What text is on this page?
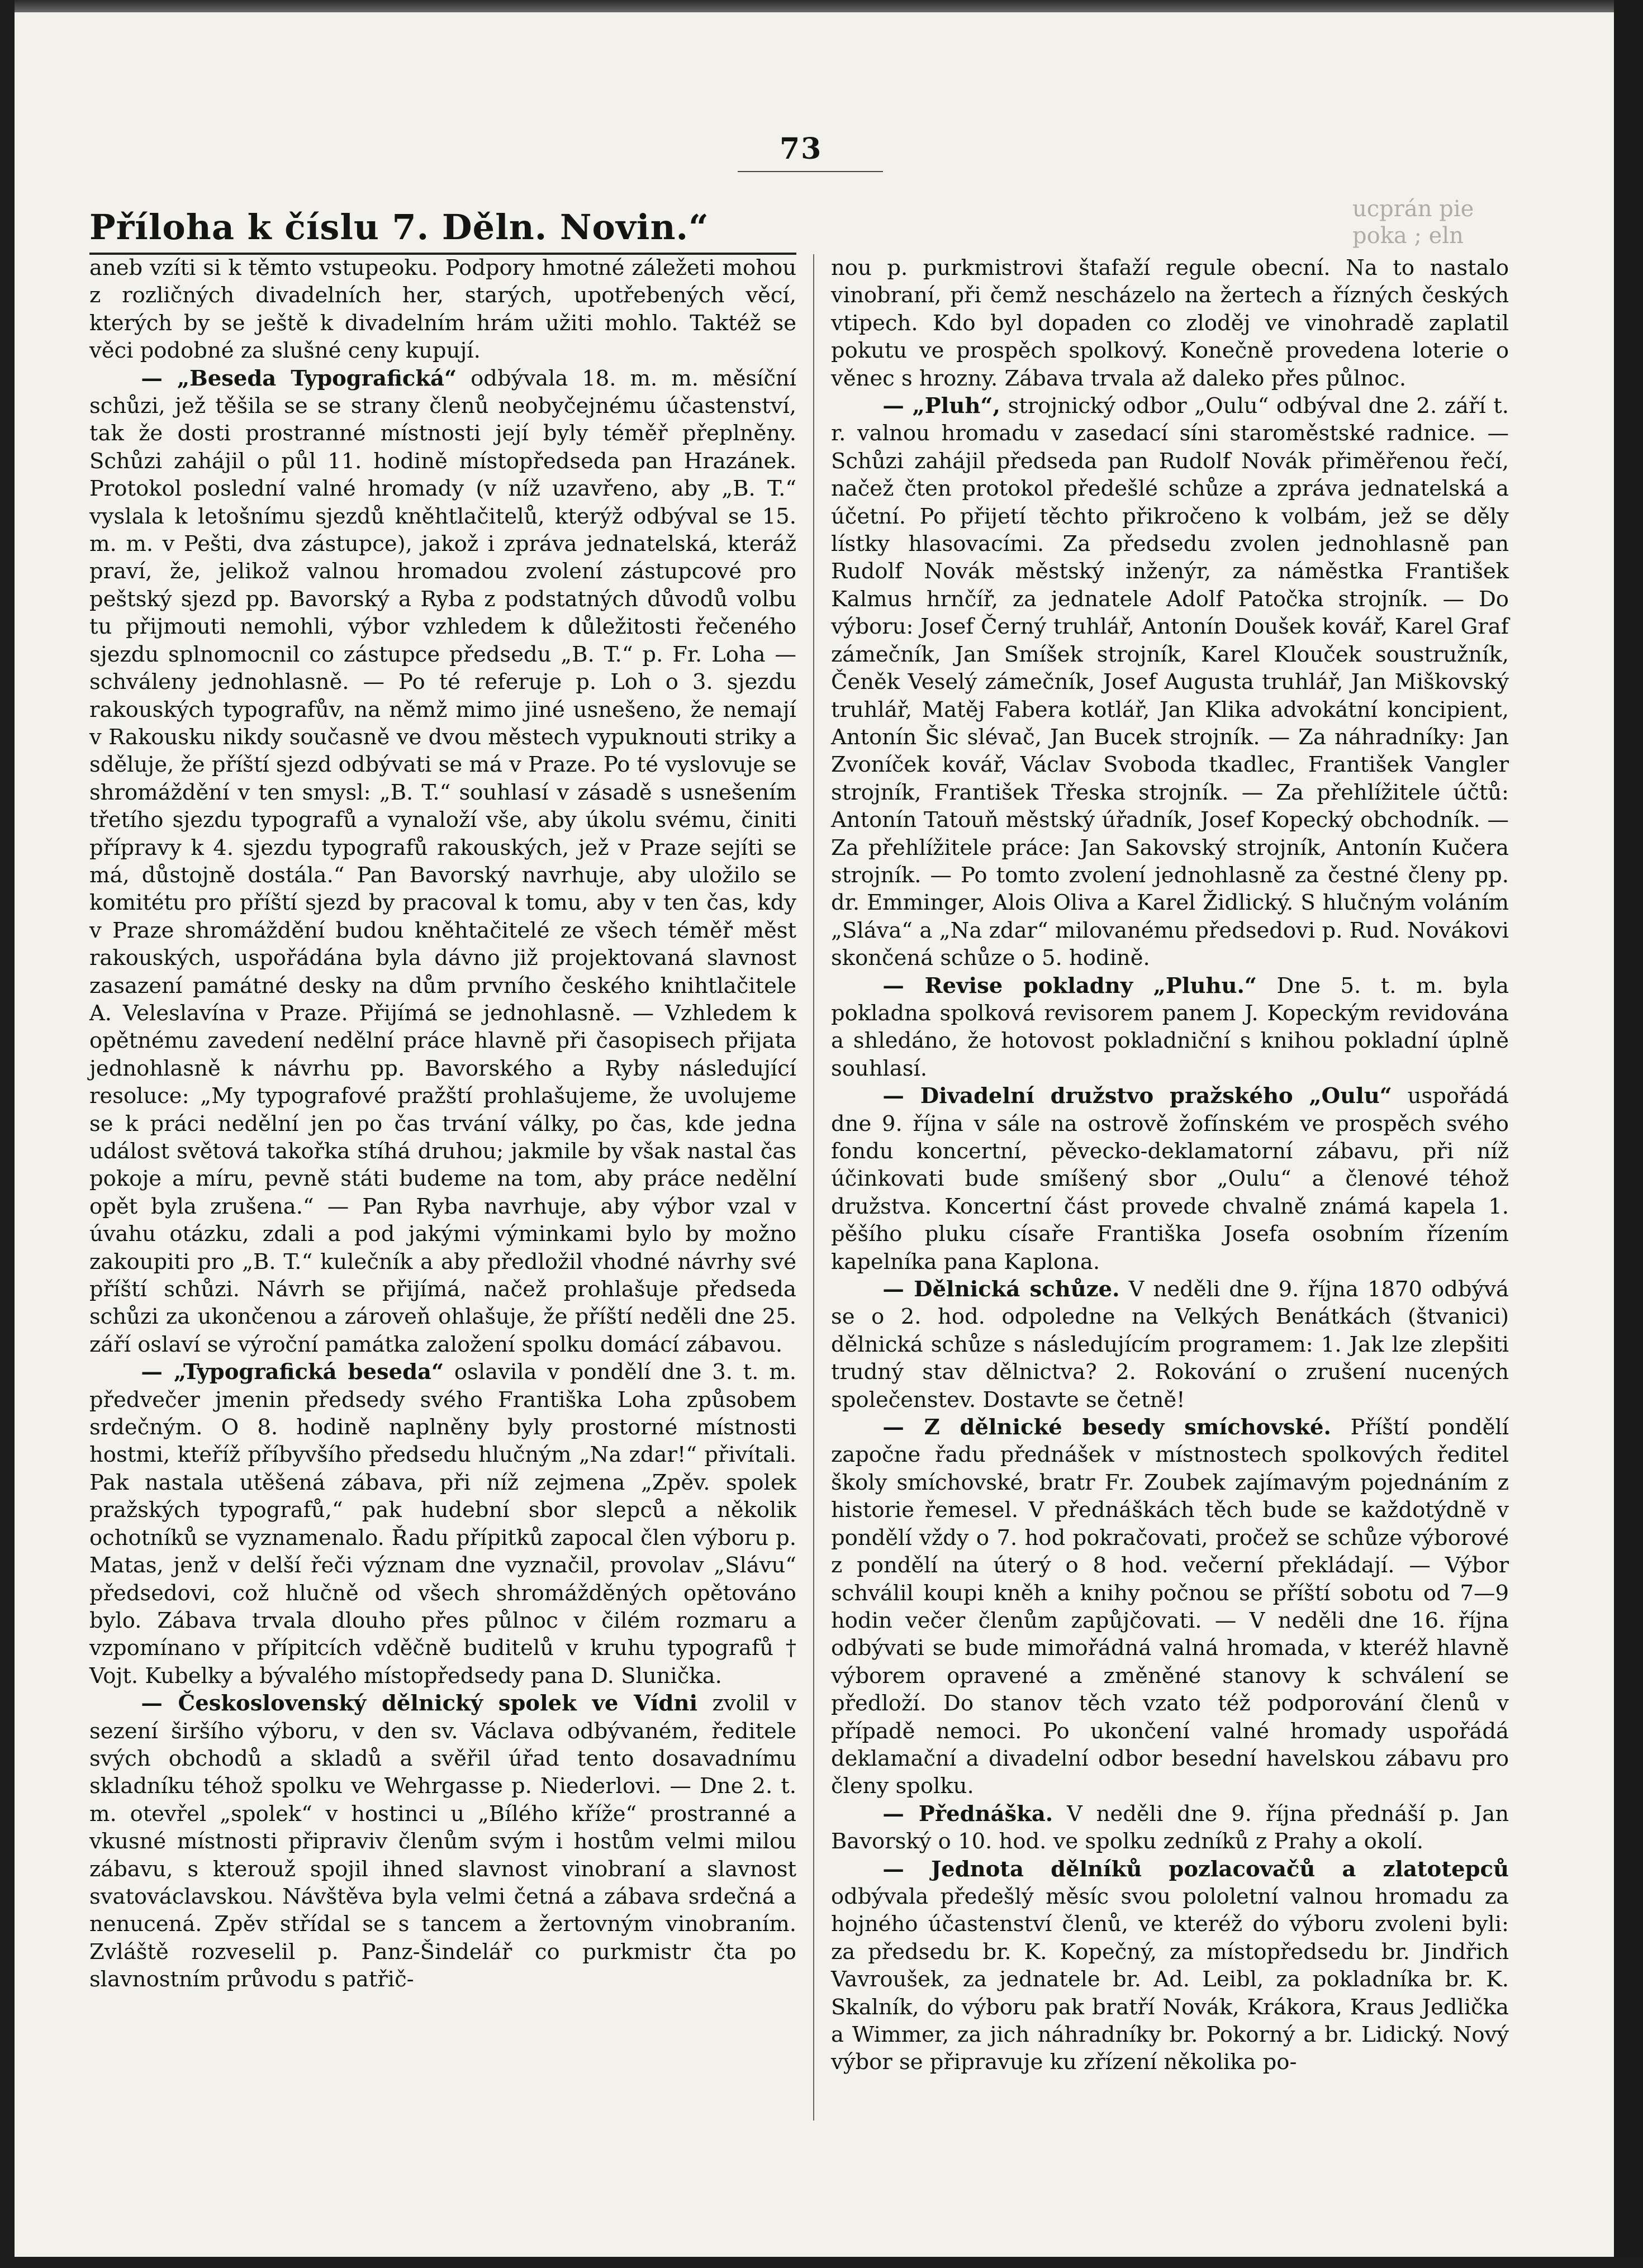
73
Příloha k číslu 7. Děln. Novin.“	ucprán pie
poka ; eln

aneb vzíti si k těmto vstupeoku. Podpory hmotné záležeti mohou z rozličných divadelních her, starých, upotřebených věcí, kterých by se ještě k divadelním hrám užiti mohlo. Taktéž se věci podobné za slušné ceny kupují.

— „Beseda Typografická“ odbývala 18. m. m. měsíční schůzi, jež těšila se se strany členů neobyčejnému účastenství, tak že dosti prostranné místnosti její byly téměř přeplněny. Schůzi zahájil o půl 11. hodině místopředseda pan Hrazánek. Protokol poslední valné hromady (v níž uzavřeno, aby „B. T.“ vyslala k letošnímu sjezdů kněhtlačitelů, kterýž odbýval se 15. m. m. v Pešti, dva zástupce), jakož i zpráva jednatelská, kteráž praví, že, jelikož valnou hromadou zvolení zástupcové pro peštský sjezd pp. Bavorský a Ryba z podstatných důvodů volbu tu přijmouti nemohli, výbor vzhledem k důležitosti řečeného sjezdu splnomocnil co zástupce předsedu „B. T.“ p. Fr. Loha — schváleny jednohlasně. — Po té referuje p. Loh o 3. sjezdu rakouských typografův, na němž mimo jiné usnešeno, že nemají v Rakousku nikdy současně ve dvou městech vypuknouti striky a sděluje, že příští sjezd odbývati se má v Praze. Po té vyslovuje se shromáždění v ten smysl: „B. T.“ souhlasí v zásadě s usnešením třetího sjezdu typografů a vynaloží vše, aby úkolu svému, činiti přípravy k 4. sjezdu typografů rakouských, jež v Praze sejíti se má, důstojně dostála.“ Pan Bavorský navrhuje, aby uložilo se komitétu pro příští sjezd by pracoval k tomu, aby v ten čas, kdy v Praze shromáždění budou kněhtačitelé ze všech téměř měst rakouských, uspořádána byla dávno již projektovaná slavnost zasazení památné desky na dům prvního českého knihtlačitele A. Veleslavína v Praze. Přijímá se jednohlasně. — Vzhledem k opětnému zavedení nedělní práce hlavně při časopisech přijata jednohlasně k návrhu pp. Bavorského a Ryby následující resoluce: „My typografové pražští prohlašujeme, že uvolujeme se k práci nedělní jen po čas trvání války, po čas, kde jedna událost světová takořka stíhá druhou; jakmile by však nastal čas pokoje a míru, pevně státi budeme na tom, aby práce nedělní opět byla zrušena.“ — Pan Ryba navrhuje, aby výbor vzal v úvahu otázku, zdali a pod jakými výminkami bylo by možno zakoupiti pro „B. T.“ kulečník a aby předložil vhodné návrhy své příští schůzi. Návrh se přijímá, načež prohlašuje předseda schůzi za ukončenou a zároveň ohlašuje, že příští neděli dne 25. září oslaví se výroční památka založení spolku domácí zábavou.

— „Typografická beseda“ oslavila v pondělí dne 3. t. m. předvečer jmenin předsedy svého Františka Loha způsobem srdečným. O 8. hodině naplněny byly prostorné místnosti hostmi, kteříž příbyvšího předsedu hlučným „Na zdar!“ přivítali. Pak nastala utěšená zábava, při níž zejmena „Zpěv. spolek pražských typografů,“ pak hudební sbor slepců a několik ochotníků se vyznamenalo. Řadu přípitků zapocal člen výboru p. Matas, jenž v delší řeči význam dne vyznačil, provolav „Slávu“ předsedovi, což hlučně od všech shromážděných opětováno bylo. Zábava trvala dlouho přes půlnoc v čilém rozmaru a vzpomínano v přípitcích vděčně buditelů v kruhu typografů † Vojt. Kubelky a bývalého místopředsedy pana D. Slunička.

— Československý dělnický spolek ve Vídni zvolil v sezení širšího výboru, v den sv. Václava odbývaném, ředitele svých obchodů a skladů a svěřil úřad tento dosavadnímu skladníku téhož spolku ve Wehrgasse p. Niederlovi. — Dne 2. t. m. otevřel „spolek“ v hostinci u „Bílého kříže“ prostranné a vkusné místnosti připraviv členům svým i hostům velmi milou zábavu, s kterouž spojil ihned slavnost vinobraní a slavnost svatováclavskou. Návštěva byla velmi četná a zábava srdečná a nenucená. Zpěv střídal se s tancem a žertovným vinobraním. Zvláště rozveselil p. Panz-Šindelář co purkmistr čta po slavnostním průvodu s patřič-

nou p. purkmistrovi štafaží regule obecní. Na to nastalo vinobraní, při čemž nescházelo na žertech a řízných českých vtipech. Kdo byl dopaden co zloděj ve vinohradě zaplatil pokutu ve prospěch spolkový. Konečně provedena loterie o věnec s hrozny. Zábava trvala až daleko přes půlnoc.

— „Pluh“, strojnický odbor „Oulu“ odbýval dne 2. září t. r. valnou hromadu v zasedací síni staroměstské radnice. — Schůzi zahájil předseda pan Rudolf Novák přiměřenou řečí, načež čten protokol předešlé schůze a zpráva jednatelská a účetní. Po přijetí těchto přikročeno k volbám, jež se děly lístky hlasovacími. Za předsedu zvolen jednohlasně pan Rudolf Novák městský inženýr, za náměstka František Kalmus hrnčíř, za jednatele Adolf Patočka strojník. — Do výboru: Josef Černý truhlář, Antonín Doušek kovář, Karel Graf zámečník, Jan Smíšek strojník, Karel Klouček soustružník, Čeněk Veselý zámečník, Josef Augusta truhlář, Jan Miškovský truhlář, Matěj Fabera kotlář, Jan Klika advokátní koncipient, Antonín Šic slévač, Jan Bucek strojník. — Za náhradníky: Jan Zvoníček kovář, Václav Svoboda tkadlec, František Vangler strojník, František Třeska strojník. — Za přehlížitele účtů: Antonín Tatouň městský úřadník, Josef Kopecký obchodník. — Za přehlížitele práce: Jan Sakovský strojník, Antonín Kučera strojník. — Po tomto zvolení jednohlasně za čestné členy pp. dr. Emminger, Alois Oliva a Karel Židlický. S hlučným voláním „Sláva“ a „Na zdar“ milovanému předsedovi p. Rud. Novákovi skončená schůze o 5. hodině.

— Revise pokladny „Pluhu.“ Dne 5. t. m. byla pokladna spolková revisorem panem J. Kopeckým revidována a shledáno, že hotovost pokladniční s knihou pokladní úplně souhlasí.

— Divadelní družstvo pražského „Oulu“ uspořádá dne 9. října v sále na ostrově žofínském ve prospěch svého fondu koncertní, pěvecko-deklamatorní zábavu, při níž účinkovati bude smíšený sbor „Oulu“ a členové téhož družstva. Koncertní část provede chvalně známá kapela 1. pěšího pluku císaře Františka Josefa osobním řízením kapelníka pana Kaplona.

— Dělnická schůze. V neděli dne 9. října 1870 odbývá se o 2. hod. odpoledne na Velkých Benátkách (štvanici) dělnická schůze s následujícím programem: 1. Jak lze zlepšiti trudný stav dělnictva? 2. Rokování o zrušení nucených společenstev. Dostavte se četně!

— Z dělnické besedy smíchovské. Příští pondělí započne řadu přednášek v místnostech spolkových ředitel školy smíchovské, bratr Fr. Zoubek zajímavým pojednáním z historie řemesel. V přednáškách těch bude se každotýdně v pondělí vždy o 7. hod pokračovati, pročež se schůze výborové z pondělí na úterý o 8 hod. večerní překládají. — Výbor schválil koupi kněh a knihy počnou se příští sobotu od 7—9 hodin večer členům zapůjčovati. — V neděli dne 16. října odbývati se bude mimořádná valná hromada, v kteréž hlavně výborem opravené a změněné stanovy k schválení se předloží. Do stanov těch vzato též podporování členů v případě nemoci. Po ukončení valné hromady uspořádá deklamační a divadelní odbor besední havelskou zábavu pro členy spolku.

— Přednáška. V neděli dne 9. října přednáší p. Jan Bavorský o 10. hod. ve spolku zedníků z Prahy a okolí.

— Jednota dělníků pozlacovačů a zlatotepců odbývala předešlý měsíc svou pololetní valnou hromadu za hojného účastenství členů, ve kteréž do výboru zvoleni byli: za předsedu br. K. Kopečný, za místopředsedu br. Jindřich Vavroušek, za jednatele br. Ad. Leibl, za pokladníka br. K. Skalník, do výboru pak bratří Novák, Krákora, Kraus Jedlička a Wimmer, za jich náhradníky br. Pokorný a br. Lidický. Nový výbor se připravuje ku zřízení několika po-
